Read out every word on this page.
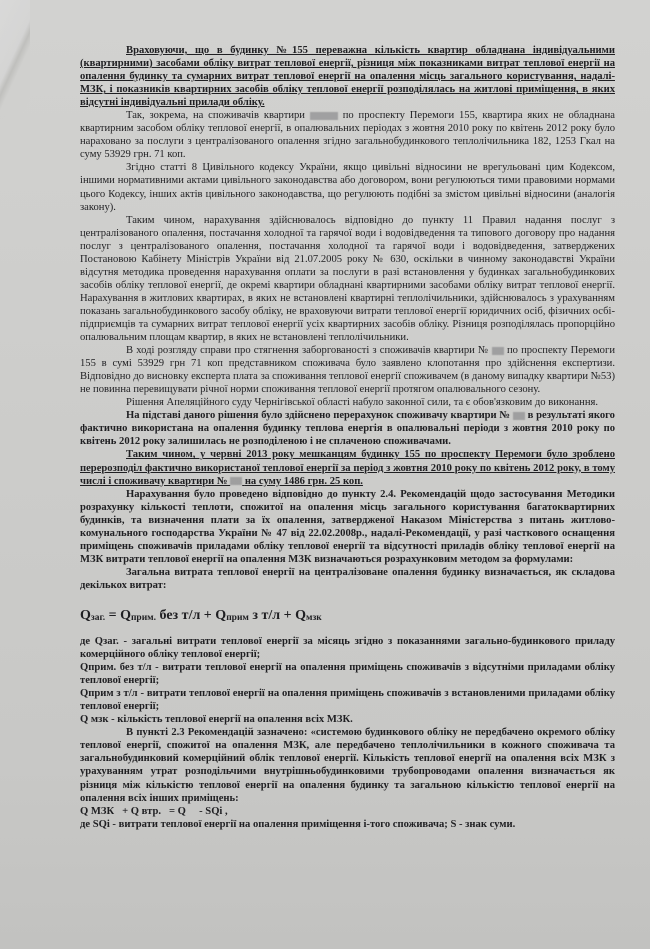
Враховуючи, що в будинку №155 переважна кількість квартир обладнана індивідуальними (квартирними) засобами обліку витрат теплової енергії, різниця між показниками витрат теплової енергії на опалення будинку та сумарних витрат теплової енергії на опалення місць загального користування, надалі-МЗК, і показників квартирних засобів обліку теплової енергії розподілялась на житлові приміщення, в яких відсутні індивідуальні прилади обліку.

Так, зокрема, на споживачів квартири	по проспекту Перемоги 155, квартира яких не обладнана квартирним засобом обліку теплової енергії, в опалювальних періодах з жовтня 2010 року по квітень 2012 року було нараховано за послуги з централізованого опалення згідно загальнобудинкового теплолічильника 182, 1253 Гкал на суму 53929 грн. 71 коп.

Згідно статті 8 Цивільного кодексу України, якщо цивільні відносини не врегульовані цим Кодексом, іншими нормативними актами цивільного законодавства або договором, вони регулюються тими правовими нормами цього Кодексу, інших актів цивільного законодавства, що регулюють подібні за змістом цивільні відносини (аналогія закону).

Таким чином, нарахування здійснювалось відповідно до пункту 11 Правил надання послуг з централізованого опалення, постачання холодної та гарячої води і водовідведення та типового договору про надання послуг з централізованого опалення, постачання холодної та гарячої води і водовідведення, затверджених Постановою Кабінету Міністрів України від 21.07.2005 року № 630, оскільки в чинному законодавстві України відсутня методика проведення нарахування оплати за послуги в разі встановлення у будинках загальнобудинкових засобів обліку теплової енергії, де окремі квартири обладнані квартирними засобами обліку витрат теплової енергії. Нарахування в житлових квартирах, в яких не встановлені квартирні теплолічильники, здійснювалось з урахуванням показань загальнобудинкового засобу обліку, не враховуючи витрати теплової енергії юридичних осіб, фізичних осбі-підприємців та сумарних витрат теплової енергії усіх квартирних засобів обліку. Різниця розподілялась пропорційно опалювальним площам квартир, в яких не встановлені теплолічильники.

В ході розгляду справи про стягнення заборгованості з споживачів квартири № по проспекту Перемоги 155 в сумі 53929 грн 71 коп представником споживача було заявлено клопотання про здійснення експертизи. Відповідно до висновку експерта плата за споживання теплової енергії споживачем (в даному випадку квартири №53) не повинна перевищувати річної норми споживання теплової енергії протягом опалювального сезону.

Рішення Апеляційного суду Чернігівської області набуло законної сили, та є обов'язковим до виконання.

На підставі даного рішення було здійснено перерахунок споживачу квартири № в результаті якого фактично використана на опалення будинку теплова енергія в опалювальні періоди з жовтня 2010 року по квітень 2012 року залишилась не розподіленою і не сплаченою споживачами.

Таким чином, у червні 2013 року мешканцям будинку 155 по проспекту Перемоги було зроблено перерозподіл фактично використаної теплової енергії за період з жовтня 2010 року по квітень 2012 року, в тому числі і споживачу квартири № на суму 1486 грн. 25 коп.

Нарахування було проведено відповідно до пункту 2.4. Рекомендацій щодо застосування Методики розрахунку кількості теплоти, спожитої на опалення місць загального користування багатоквартирних будинків, та визначення плати за їх опалення, затвердженої Наказом Міністерства з питань житлово-комунального господарства України № 47 від 22.02.2008р., надалі-Рекомендації, у разі часткового оснащення приміщень споживачів приладами обліку теплової енергії та відсутності приладів обліку теплової енергії на МЗК витрати теплової енергії на опалення МЗК визначаються розрахунковим методом за формулами:

Загальна витрата теплової енергії на централізоване опалення будинку визначається, як складова декількох витрат:

$Q_{заг.} = Q_{прим.}$ без $т/л + Q_{прим}$ з $т/л + Q_{мзк}$

де Qзаг. - загальні витрати теплової енергії за місяць згідно з показаннями загально-будинкового приладу комерційного обліку теплової енергії;

Qприм. без т/л - витрати теплової енергії на опалення приміщень споживачів з відсутніми приладами обліку теплової енергії;

Qприм з т/л - витрати теплової енергії на опалення приміщень споживачів з встановленими приладами обліку теплової енергії;

Q мзк - кількість теплової енергії на опалення всіх МЗК.

В пункті 2.3 Рекомендацій зазначено: «системою будинкового обліку не передбачено окремого обліку теплової енергії, спожитої на опалення МЗК, але передбачено теплолічильники в кожного споживача та загальнобудинковий комерційний облік теплової енергії. Кількість теплової енергії на опалення всіх МЗК з урахуванням утрат розподільчими внутрішньобудинковими трубопроводами опалення визначається як різниця між кількістю теплової енергії на опалення будинку та загальною кількістю теплової енергії на опалення всіх інших приміщень:

Q МЗК   + Q втр.   = Q     - SQi ,

де SQi - витрати теплової енергії на опалення приміщення і-того споживача; S - знак суми.
